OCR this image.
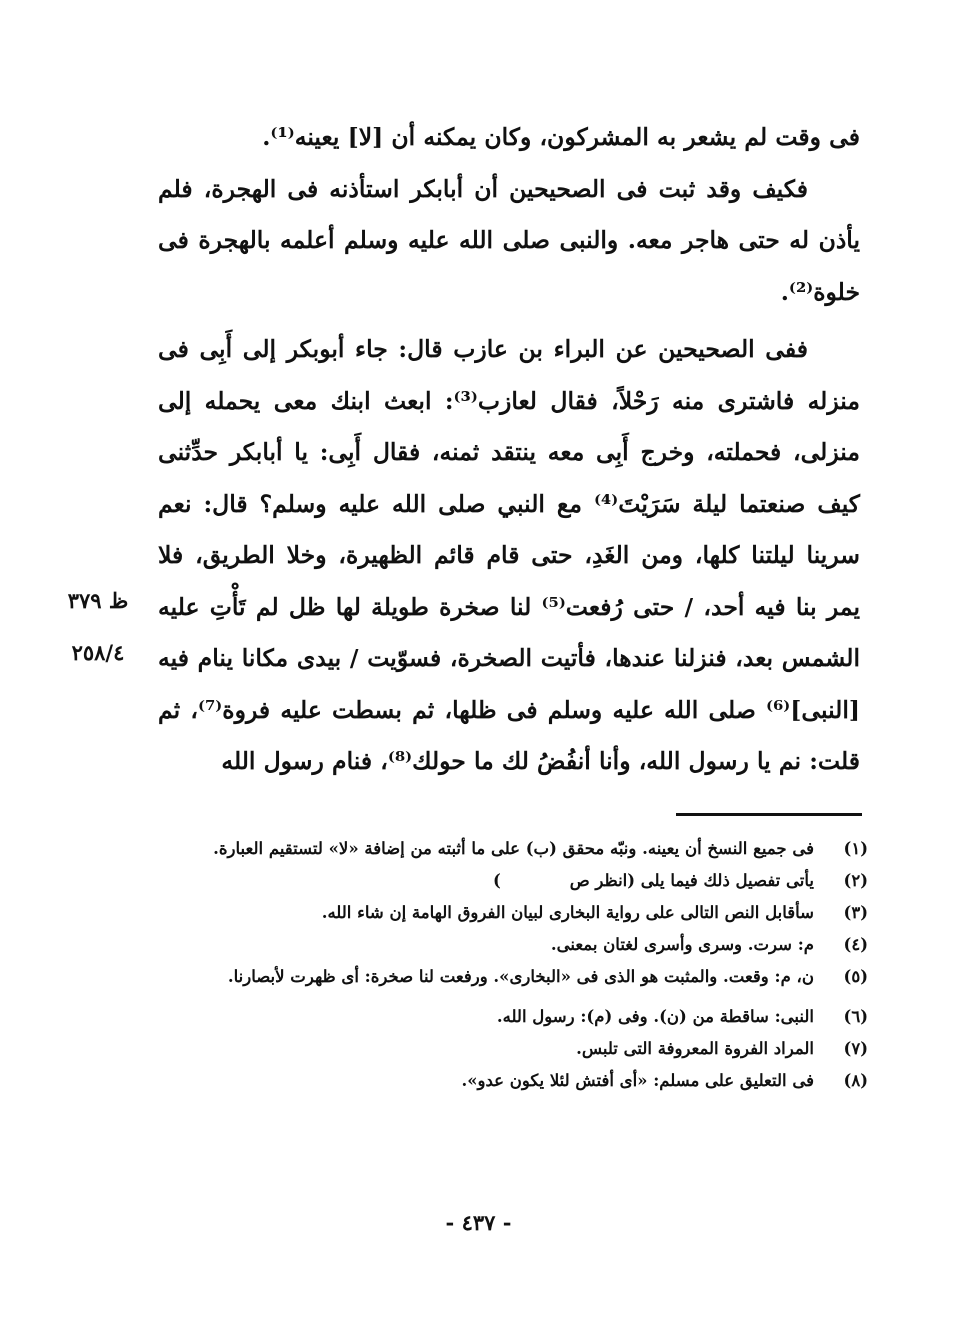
فى وقت لم يشعر به المشركون، وكان يمكنه أن [لا] يعينه⁽¹⁾.

فكيف وقد ثبت فى الصحيحين أن أبابكر استأذنه فى الهجرة، فلم يأذن له حتى هاجر معه. والنبى صلى الله عليه وسلم أعلمه بالهجرة فى خلوة⁽²⁾.

ففى الصحيحين عن البراء بن عازب قال: جاء أبوبكر إلى أَبِى فى منزله فاشترى منه رَحْلاً، فقال لعازب⁽³⁾: ابعث ابنك معى يحمله إلى منزلى، فحملته، وخرج أَبِى معه ينتقد ثمنه، فقال أَبِى: يا أبابكر حدِّثنى كيف صنعتما ليلة سَرَيْتَ⁽⁴⁾ مع النبي صلى الله عليه وسلم؟ قال: نعم سرينا ليلتنا كلها، ومن الغَدِ، حتى قام قائم الظهيرة، وخلا الطريق، فلا يمر بنا فيه أحد، / حتى رُفعت⁽⁵⁾ لنا صخرة طويلة لها ظل لم تَأْتِ عليه الشمس بعد، فنزلنا عندها، فأتيت الصخرة، فسوّيت / بيدى مكانا ينام فيه [النبى]⁽⁶⁾ صلى الله عليه وسلم فى ظلها، ثم بسطت عليه فروة⁽⁷⁾، ثم قلت: نم يا رسول الله، وأنا أنفُضُ لك ما حولك⁽⁸⁾، فنام رسول الله

ظ ٣٧٩
٢٥٨/٤
(١)
فى جميع النسخ أن يعينه. ونبّه محقق (ب) على ما أثبته من إضافة «لا» لتستقيم العبارة.
(٢)
يأتى تفصيل ذلك فيما يلى (انظر ص            )
(٣)
سأقابل النص التالى على رواية البخارى لبيان الفروق الهامة إن شاء الله.
(٤)
م: سرت. وسرى وأسرى لغتان بمعنى.
(٥)
ن، م: وقعت. والمثبت هو الذى فى «البخارى». ورفعت لنا صخرة: أى ظهرت لأبصارنا.
(٦)
النبى: ساقطة من (ن). وفى (م): رسول الله.
(٧)
المراد الفروة المعروفة التى تلبس.
(٨)
فى التعليق على مسلم: «أى أفتش لئلا يكون عدو».
- ٤٣٧ -
